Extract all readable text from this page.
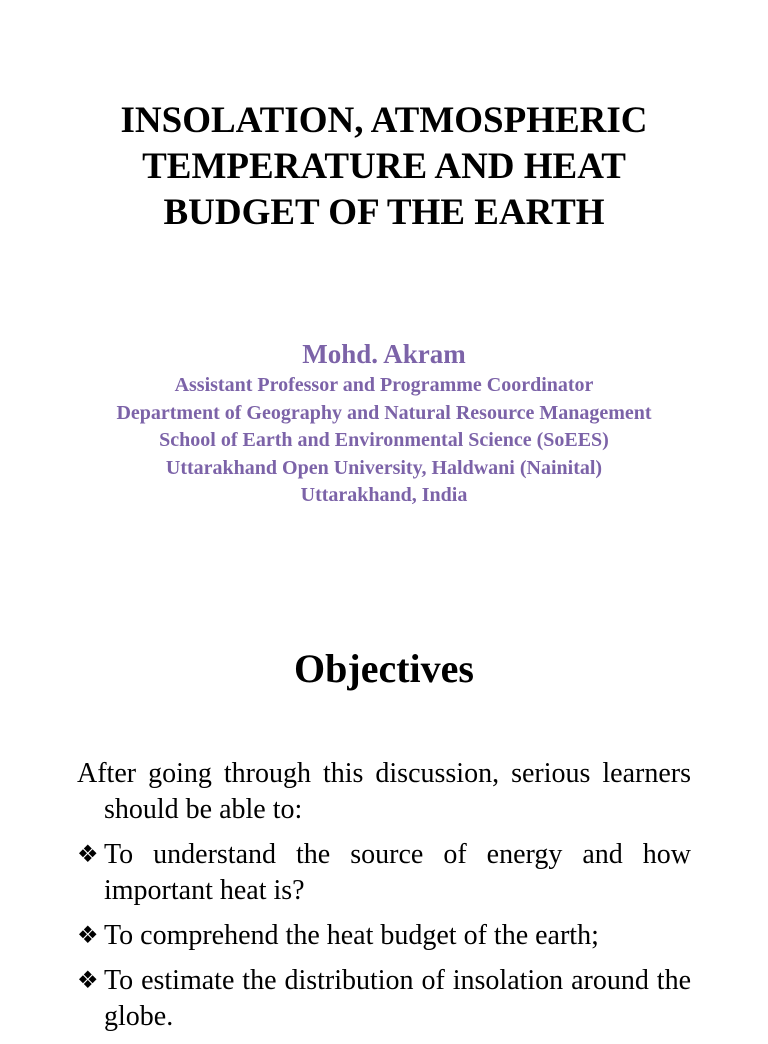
INSOLATION, ATMOSPHERIC
TEMPERATURE AND HEAT
BUDGET OF THE EARTH
Mohd. Akram
Assistant Professor and Programme Coordinator
Department of Geography and Natural Resource Management
School of Earth and Environmental Science (SoEES)
Uttarakhand Open University, Haldwani (Nainital)
Uttarakhand, India
Objectives

After going through this discussion, serious learners should be able to:

❖ To understand the source of energy and how important heat is?
❖ To comprehend the heat budget of the earth;
❖ To estimate the distribution of insolation around the globe.
